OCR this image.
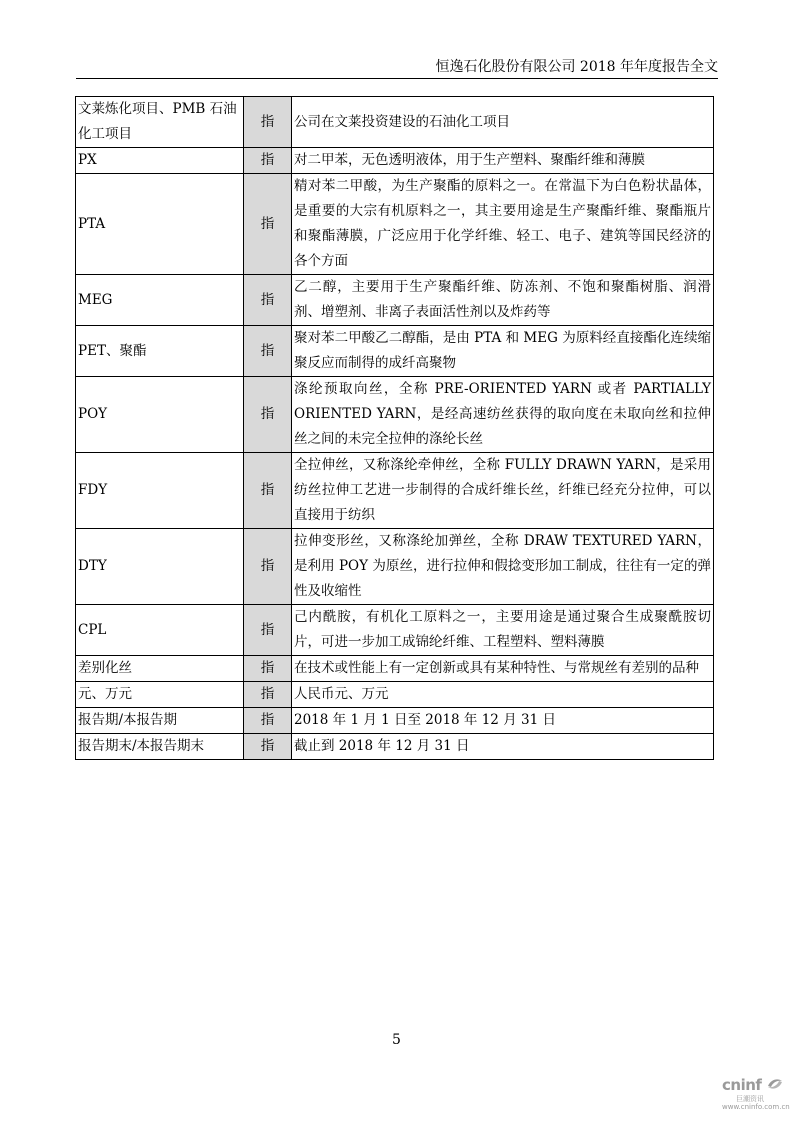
恒逸石化股份有限公司 2018 年年度报告全文
文莱炼化项目、PMB 石油化工项目	指	公司在文莱投资建设的石油化工项目
PX	指	对二甲苯，无色透明液体，用于生产塑料、聚酯纤维和薄膜
PTA	指	精对苯二甲酸，为生产聚酯的原料之一。在常温下为白色粉状晶体，是重要的大宗有机原料之一，其主要用途是生产聚酯纤维、聚酯瓶片和聚酯薄膜，广泛应用于化学纤维、轻工、电子、建筑等国民经济的各个方面
MEG	指	乙二醇，主要用于生产聚酯纤维、防冻剂、不饱和聚酯树脂、润滑剂、增塑剂、非离子表面活性剂以及炸药等
PET、聚酯	指	聚对苯二甲酸乙二醇酯，是由 PTA 和 MEG 为原料经直接酯化连续缩聚反应而制得的成纤高聚物
POY	指	涤纶预取向丝，全称 PRE-ORIENTED YARN 或者 PARTIALLY ORIENTED YARN，是经高速纺丝获得的取向度在未取向丝和拉伸丝之间的未完全拉伸的涤纶长丝
FDY	指	全拉伸丝，又称涤纶牵伸丝，全称 FULLY DRAWN YARN，是采用纺丝拉伸工艺进一步制得的合成纤维长丝，纤维已经充分拉伸，可以直接用于纺织
DTY	指	拉伸变形丝，又称涤纶加弹丝，全称 DRAW TEXTURED YARN，是利用 POY 为原丝，进行拉伸和假捻变形加工制成，往往有一定的弹性及收缩性
CPL	指	己内酰胺，有机化工原料之一，主要用途是通过聚合生成聚酰胺切片，可进一步加工成锦纶纤维、工程塑料、塑料薄膜
差别化丝	指	在技术或性能上有一定创新或具有某种特性、与常规丝有差别的品种
元、万元	指	人民币元、万元
报告期/本报告期	指	2018 年 1 月 1 日至 2018 年 12 月 31 日
报告期末/本报告期末	指	截止到 2018 年 12 月 31 日
5
cninf
巨潮资讯
www.cninfo.com.cn
